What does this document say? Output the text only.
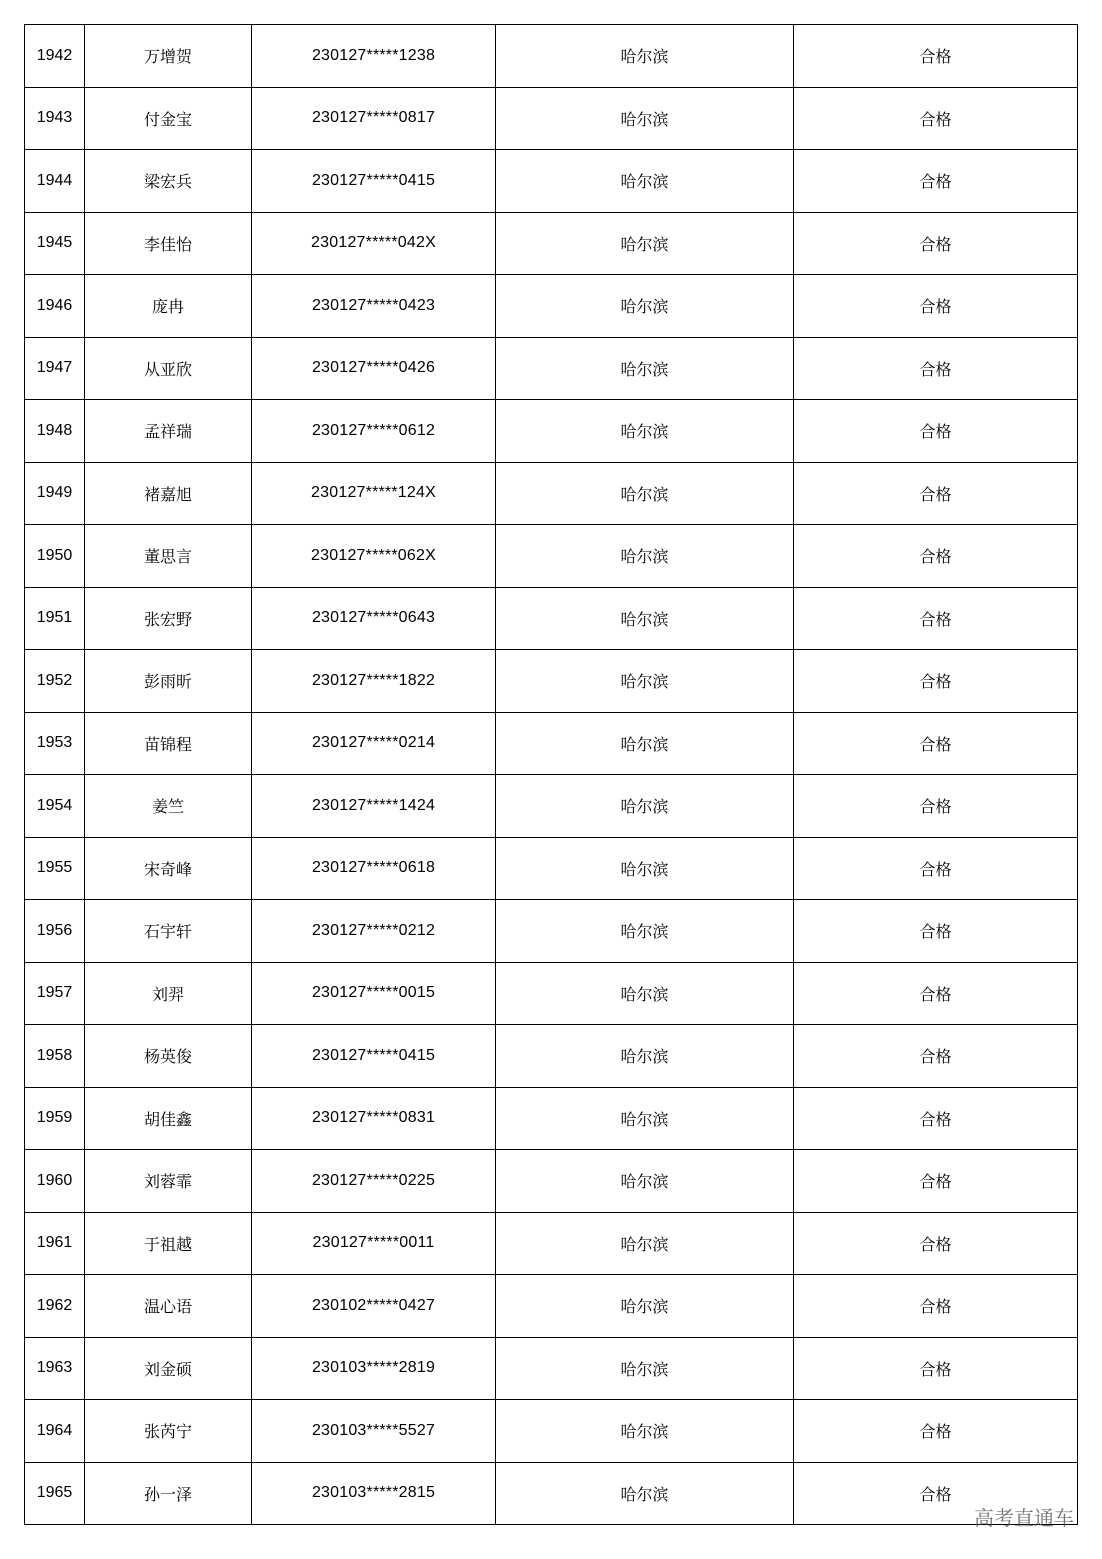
1942	万增贺	230127*****1238	哈尔滨	合格
1943	付金宝	230127*****0817	哈尔滨	合格
1944	梁宏兵	230127*****0415	哈尔滨	合格
1945	李佳怡	230127*****042X	哈尔滨	合格
1946	庞冉	230127*****0423	哈尔滨	合格
1947	从亚欣	230127*****0426	哈尔滨	合格
1948	孟祥瑞	230127*****0612	哈尔滨	合格
1949	褚嘉旭	230127*****124X	哈尔滨	合格
1950	董思言	230127*****062X	哈尔滨	合格
1951	张宏野	230127*****0643	哈尔滨	合格
1952	彭雨昕	230127*****1822	哈尔滨	合格
1953	苗锦程	230127*****0214	哈尔滨	合格
1954	姜竺	230127*****1424	哈尔滨	合格
1955	宋奇峰	230127*****0618	哈尔滨	合格
1956	石宇轩	230127*****0212	哈尔滨	合格
1957	刘羿	230127*****0015	哈尔滨	合格
1958	杨英俊	230127*****0415	哈尔滨	合格
1959	胡佳鑫	230127*****0831	哈尔滨	合格
1960	刘蓉霏	230127*****0225	哈尔滨	合格
1961	于祖越	230127*****0011	哈尔滨	合格
1962	温心语	230102*****0427	哈尔滨	合格
1963	刘金硕	230103*****2819	哈尔滨	合格
1964	张芮宁	230103*****5527	哈尔滨	合格
1965	孙一泽	230103*****2815	哈尔滨	合格
高考直通车
